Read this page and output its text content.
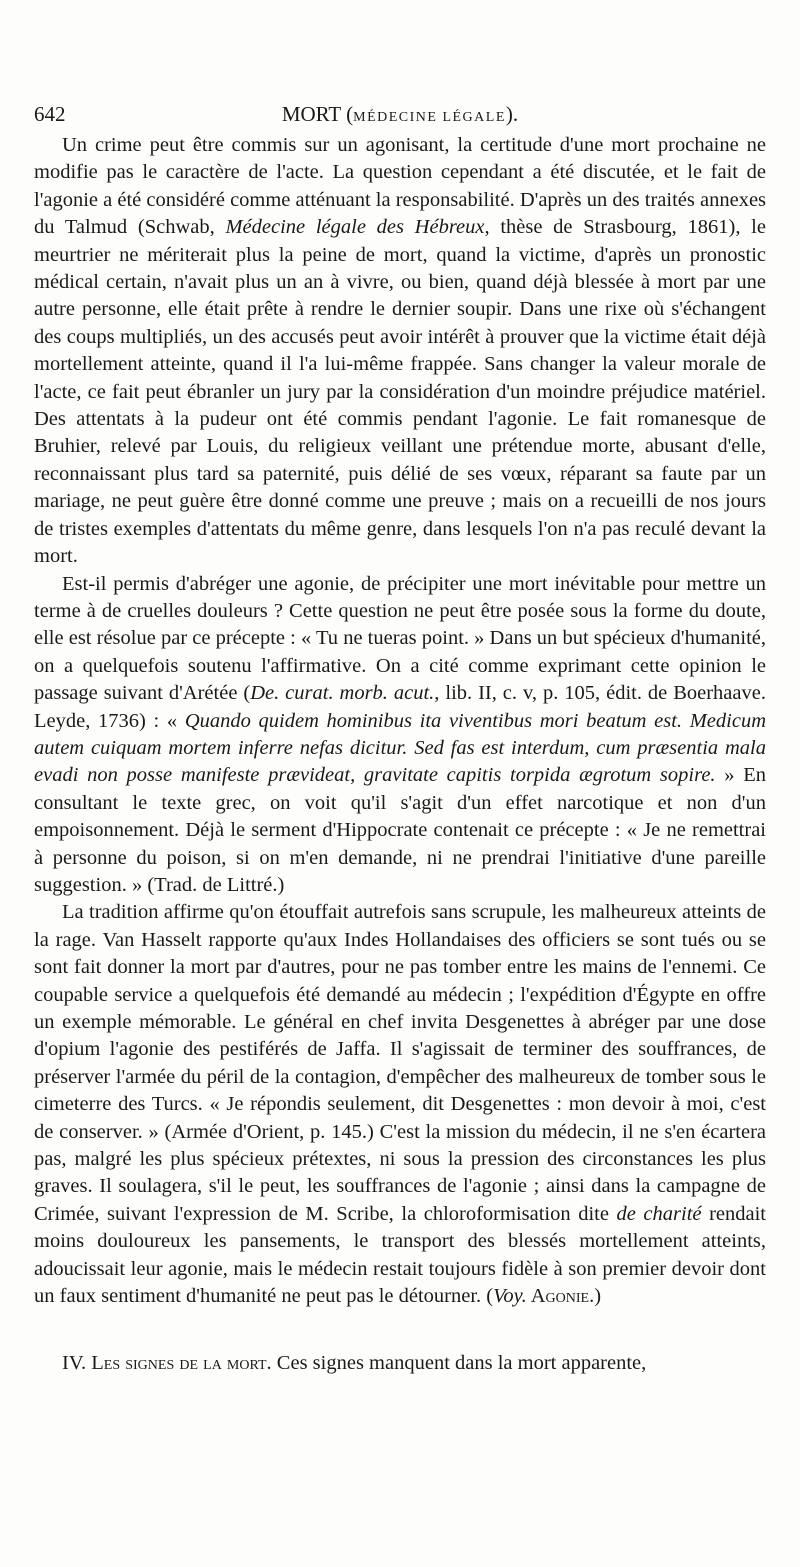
642	MORT (MÉDECINE LÉGALE).

Un crime peut être commis sur un agonisant, la certitude d'une mort prochaine ne modifie pas le caractère de l'acte. La question cependant a été discutée, et le fait de l'agonie a été considéré comme atténuant la responsabilité. D'après un des traités annexes du Talmud (Schwab, Médecine légale des Hébreux, thèse de Strasbourg, 1861), le meurtrier ne mériterait plus la peine de mort, quand la victime, d'après un pronostic médical certain, n'avait plus un an à vivre, ou bien, quand déjà blessée à mort par une autre personne, elle était prête à rendre le dernier soupir. Dans une rixe où s'échangent des coups multipliés, un des accusés peut avoir intérêt à prouver que la victime était déjà mortellement atteinte, quand il l'a lui-même frappée. Sans changer la valeur morale de l'acte, ce fait peut ébranler un jury par la considération d'un moindre préjudice matériel. Des attentats à la pudeur ont été commis pendant l'agonie. Le fait romanesque de Bruhier, relevé par Louis, du religieux veillant une prétendue morte, abusant d'elle, reconnaissant plus tard sa paternité, puis délié de ses vœux, réparant sa faute par un mariage, ne peut guère être donné comme une preuve ; mais on a recueilli de nos jours de tristes exemples d'attentats du même genre, dans lesquels l'on n'a pas reculé devant la mort.

Est-il permis d'abréger une agonie, de précipiter une mort inévitable pour mettre un terme à de cruelles douleurs ? Cette question ne peut être posée sous la forme du doute, elle est résolue par ce précepte : « Tu ne tueras point. » Dans un but spécieux d'humanité, on a quelquefois soutenu l'affirmative. On a cité comme exprimant cette opinion le passage suivant d'Arétée (De. curat. morb. acut., lib. II, c. v, p. 105, édit. de Boerhaave. Leyde, 1736) : « Quando quidem hominibus ita viventibus mori beatum est. Medicum autem cuiquam mortem inferre nefas dicitur. Sed fas est interdum, cum præsentia mala evadi non posse manifeste prævideat, gravitate capitis torpida ægrotum sopire. » En consultant le texte grec, on voit qu'il s'agit d'un effet narcotique et non d'un empoisonnement. Déjà le serment d'Hippocrate contenait ce précepte : « Je ne remettrai à personne du poison, si on m'en demande, ni ne prendrai l'initiative d'une pareille suggestion. » (Trad. de Littré.)

La tradition affirme qu'on étouffait autrefois sans scrupule, les malheureux atteints de la rage. Van Hasselt rapporte qu'aux Indes Hollandaises des officiers se sont tués ou se sont fait donner la mort par d'autres, pour ne pas tomber entre les mains de l'ennemi. Ce coupable service a quelquefois été demandé au médecin ; l'expédition d'Égypte en offre un exemple mémorable. Le général en chef invita Desgenettes à abréger par une dose d'opium l'agonie des pestiférés de Jaffa. Il s'agissait de terminer des souffrances, de préserver l'armée du péril de la contagion, d'empêcher des malheureux de tomber sous le cimeterre des Turcs. « Je répondis seulement, dit Desgenettes : mon devoir à moi, c'est de conserver. » (Armée d'Orient, p. 145.) C'est la mission du médecin, il ne s'en écartera pas, malgré les plus spécieux prétextes, ni sous la pression des circonstances les plus graves. Il soulagera, s'il le peut, les souffrances de l'agonie ; ainsi dans la campagne de Crimée, suivant l'expression de M. Scribe, la chloroformisation dite de charité rendait moins douloureux les pansements, le transport des blessés mortellement atteints, adoucissait leur agonie, mais le médecin restait toujours fidèle à son premier devoir dont un faux sentiment d'humanité ne peut pas le détourner. (Voy. Agonie.)

IV. Les signes de la mort. Ces signes manquent dans la mort apparente,
